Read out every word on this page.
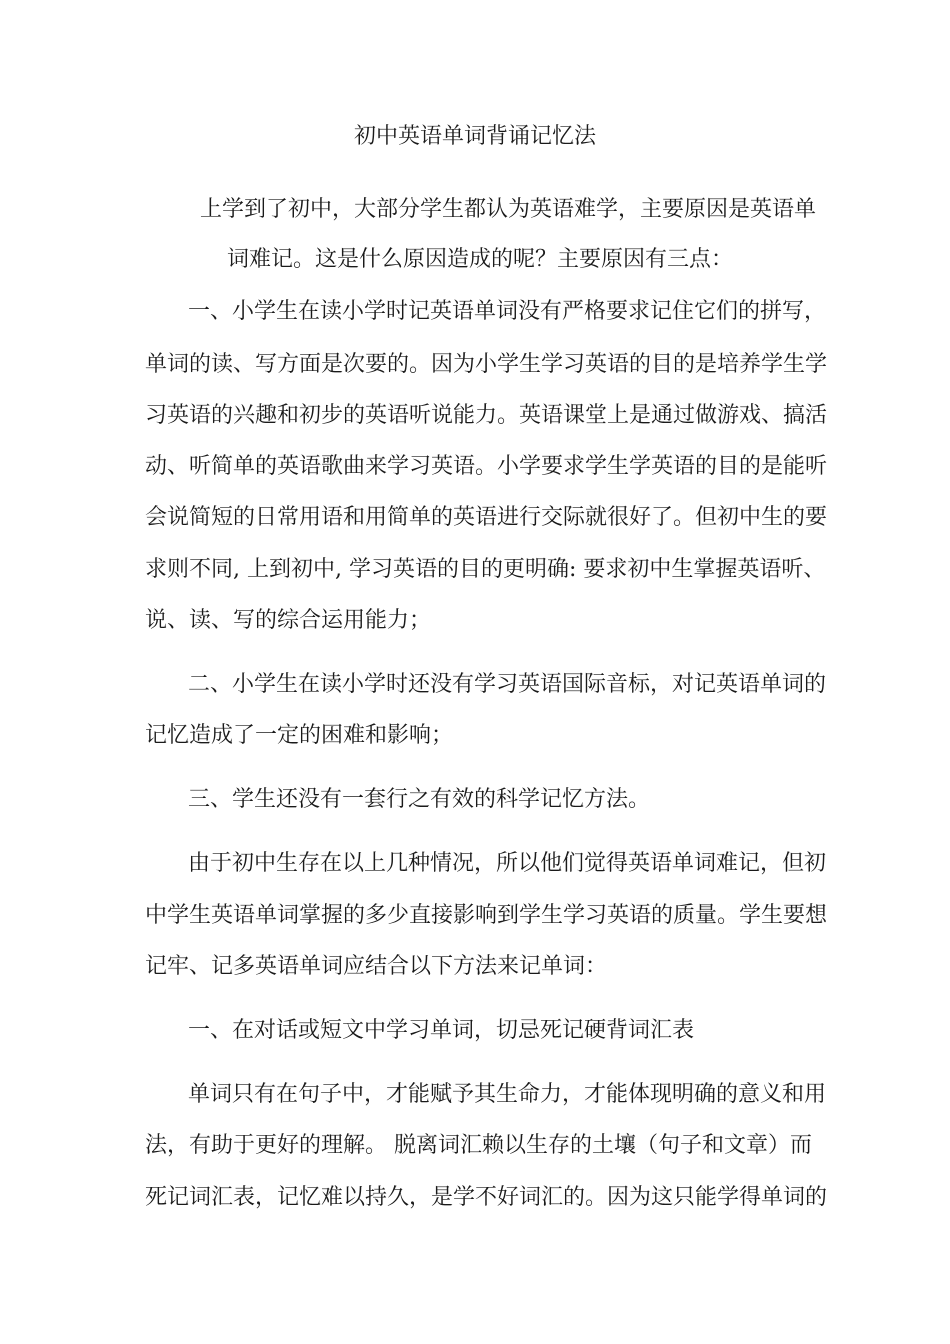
初中英语单词背诵记忆法

上学到了初中，大部分学生都认为英语难学，主要原因是英语单

词难记。这是什么原因造成的呢？主要原因有三点：

一、小学生在读小学时记英语单词没有严格要求记住它们的拼写，

单词的读、写方面是次要的。因为小学生学习英语的目的是培养学生学

习英语的兴趣和初步的英语听说能力。英语课堂上是通过做游戏、搞活

动、听简单的英语歌曲来学习英语。小学要求学生学英语的目的是能听

会说简短的日常用语和用简单的英语进行交际就很好了。但初中生的要

求则不同, 上到初中, 学习英语的目的更明确: 要求初中生掌握英语听、

说、读、写的综合运用能力；

二、小学生在读小学时还没有学习英语国际音标，对记英语单词的

记忆造成了一定的困难和影响；

三、学生还没有一套行之有效的科学记忆方法。

由于初中生存在以上几种情况，所以他们觉得英语单词难记，但初

中学生英语单词掌握的多少直接影响到学生学习英语的质量。学生要想

记牢、记多英语单词应结合以下方法来记单词：

一、在对话或短文中学习单词，切忌死记硬背词汇表

单词只有在句子中，才能赋予其生命力，才能体现明确的意义和用

法，有助于更好的理解。 脱离词汇赖以生存的土壤（句子和文章）而

死记词汇表，记忆难以持久，是学不好词汇的。因为这只能学得单词的
